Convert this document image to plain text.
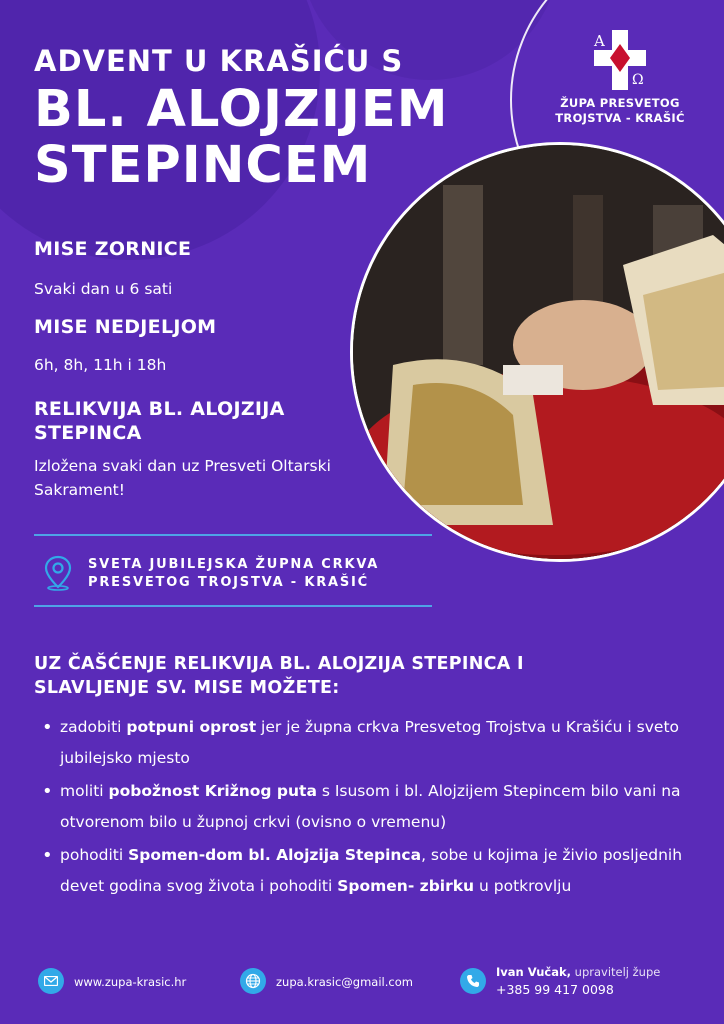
ADVENT U KRAŠIĆU S
BL. ALOJZIJEM STEPINCEM
A
Ω
ŽUPA PRESVETOG
TROJSTVA - KRAŠIĆ
MISE ZORNICE
Svaki dan u 6 sati
MISE NEDJELJOM
6h, 8h, 11h i 18h
RELIKVIJA BL. ALOJZIJA STEPINCA
Izložena svaki dan uz Presveti Oltarski Sakrament!
SVETA JUBILEJSKA ŽUPNA CRKVA
PRESVETOG TROJSTVA - KRAŠIĆ
UZ ČAŠĆENJE RELIKVIJA BL. ALOJZIJA STEPINCA I SLAVLJENJE SV. MISE MOŽETE:
• zadobiti potpuni oprost jer je župna crkva Presvetog Trojstva u Krašiću i sveto jubilejsko mjesto
• moliti pobožnost Križnog puta s Isusom i bl. Alojzijem Stepincem bilo vani na otvorenom bilo u župnoj crkvi (ovisno o vremenu)
• pohoditi Spomen-dom bl. Alojzija Stepinca, sobe u kojima je živio posljednih devet godina svog života i pohoditi Spomen- zbirku u potkrovlju
www.zupa-krasic.hr	zupa.krasic@gmail.com
Ivan Vučak, upravitelj župe
+385 99 417 0098
